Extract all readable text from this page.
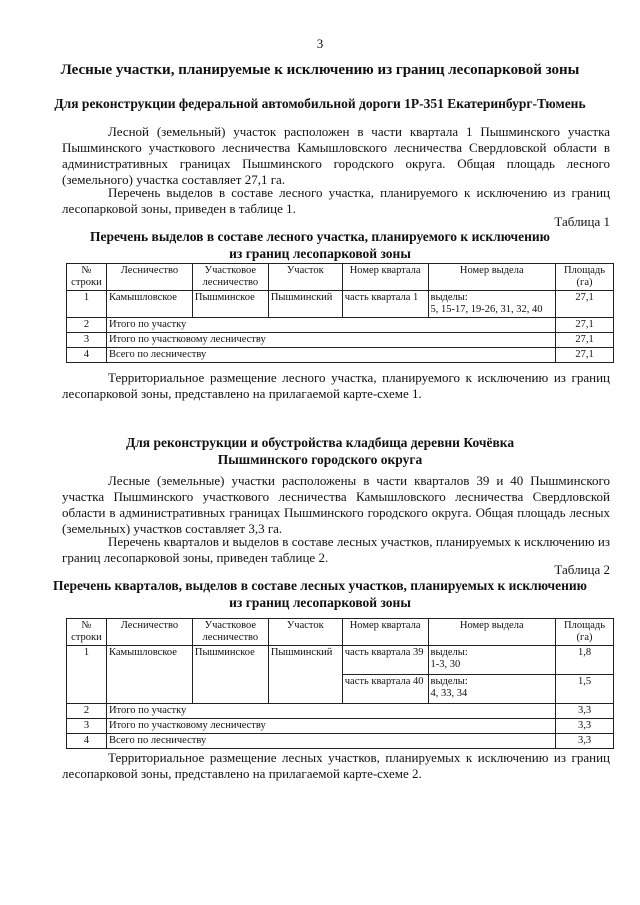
3
Лесные участки, планируемые к исключению из границ лесопарковой зоны
Для реконструкции федеральной автомобильной дороги 1Р-351 Екатеринбург-Тюмень
Лесной (земельный) участок расположен в части квартала 1 Пышминского участка Пышминского участкового лесничества Камышловского лесничества Свердловской области в административных границах Пышминского городского округа. Общая площадь лесного (земельного) участка составляет 27,1 га.
Перечень выделов в составе лесного участка, планируемого к исключению из границ лесопарковой зоны, приведен в таблице 1.
Таблица 1
Перечень выделов в составе лесного участка, планируемого к исключению
из границ лесопарковой зоны
№ строки	Лесничество	Участковое лесничество	Участок	Номер квартала	Номер выдела	Площадь (га)
1	Камышловское	Пышминское	Пышминский	часть квартала 1	выделы:
5, 15-17, 19-26, 31, 32, 40	27,1
2	Итого по участку					27,1
3	Итого по участковому лесничеству					27,1
4	Всего по лесничеству					27,1
Территориальное размещение лесного участка, планируемого к исключению из границ лесопарковой зоны, представлено на прилагаемой карте-схеме 1.
Для реконструкции и обустройства кладбища деревни Кочёвка
Пышминского городского округа
Лесные (земельные) участки расположены в части кварталов 39 и 40 Пышминского участка Пышминского участкового лесничества Камышловского лесничества Свердловской области в административных границах Пышминского городского округа. Общая площадь лесных (земельных) участков составляет 3,3 га.
Перечень кварталов и выделов в составе лесных участков, планируемых к исключению из границ лесопарковой зоны, приведен таблице 2.
Таблица 2
Перечень кварталов, выделов в составе лесных участков, планируемых к исключению
из границ лесопарковой зоны
№ строки	Лесничество	Участковое лесничество	Участок	Номер квартала	Номер выдела	Площадь (га)
1	Камышловское	Пышминское	Пышминский	часть квартала 39	выделы:
1-3, 30	1,8
				часть квартала 40	выделы:
4, 33, 34	1,5
2	Итого по участку					3,3
3	Итого по участковому лесничеству					3,3
4	Всего по лесничеству					3,3
Территориальное размещение лесных участков, планируемых к исключению из границ лесопарковой зоны, представлено на прилагаемой карте-схеме 2.
